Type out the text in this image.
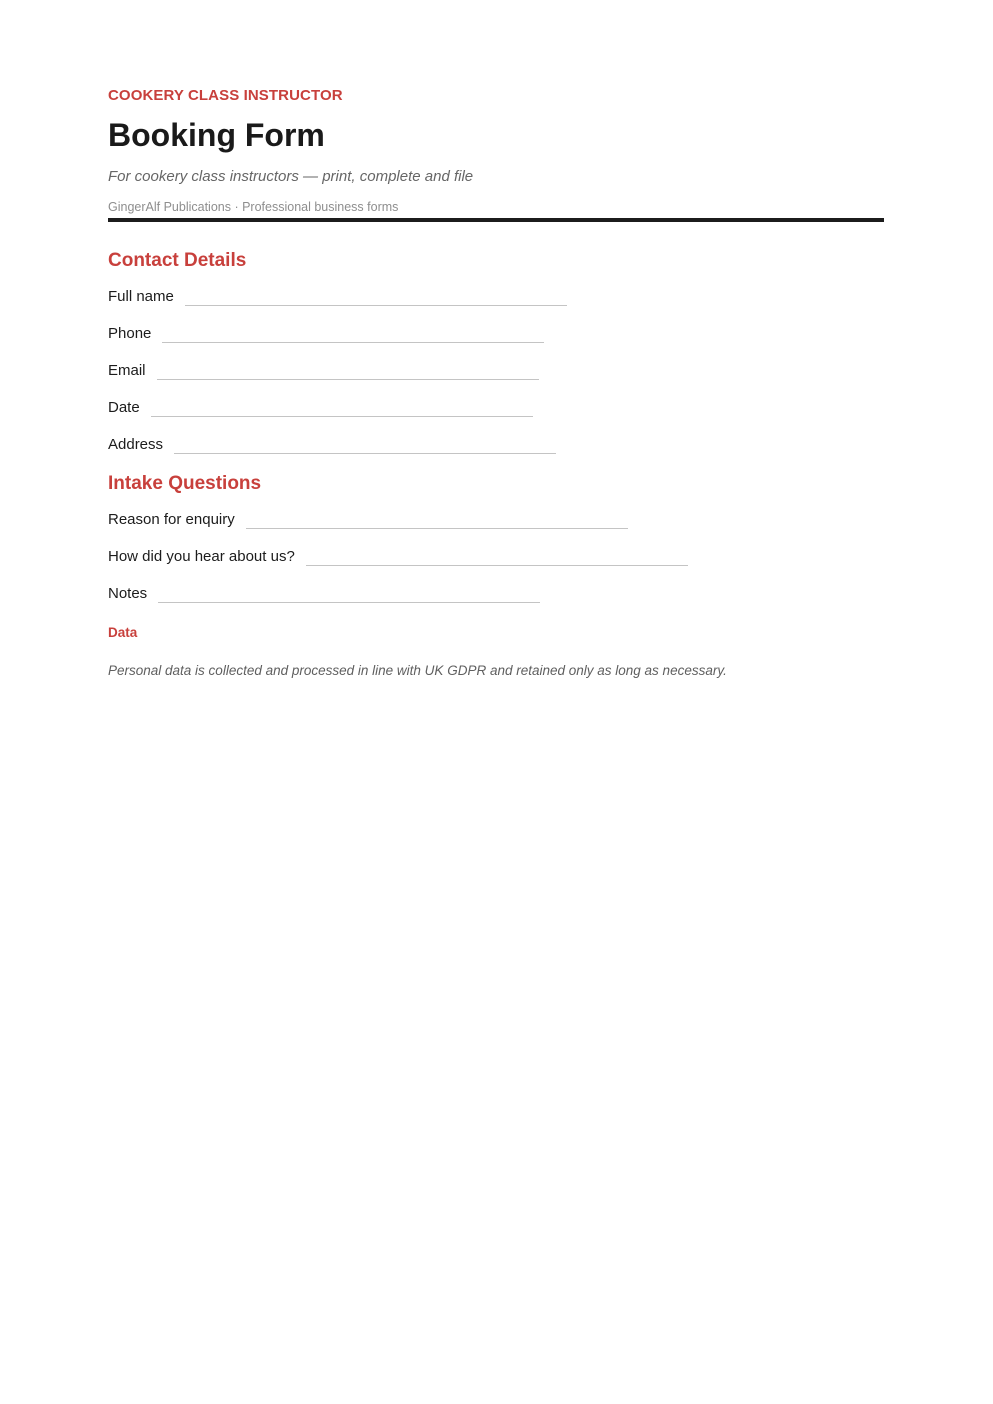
COOKERY CLASS INSTRUCTOR
Booking Form
For cookery class instructors — print, complete and file
GingerAlf Publications · Professional business forms
Contact Details
Full name
Phone
Email
Date
Address
Intake Questions
Reason for enquiry
How did you hear about us?
Notes
Data
Personal data is collected and processed in line with UK GDPR and retained only as long as necessary.
